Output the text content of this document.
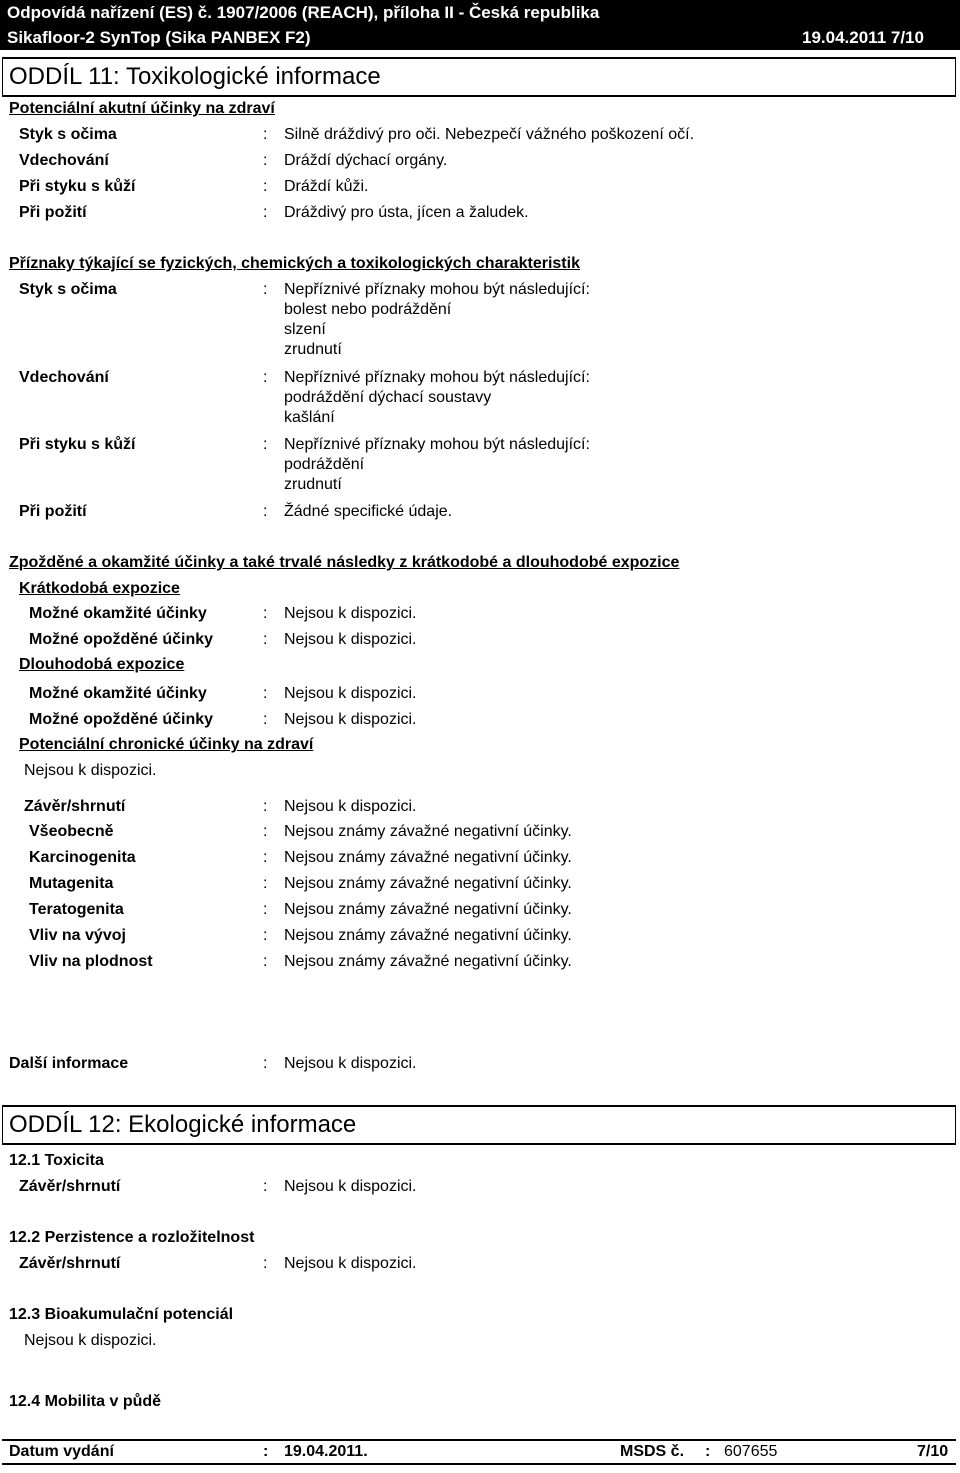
Odpovídá nařízení (ES) č. 1907/2006 (REACH), příloha II - Česká republika
Sikafloor-2 SynTop (Sika PANBEX F2)	19.04.2011 7/10
ODDÍL 11: Toxikologické informace
Potenciální akutní účinky na zdraví
Styk s očima	: Silně dráždivý pro oči. Nebezpečí vážného poškození očí.
Vdechování	: Dráždí dýchací orgány.
Při styku s kůží	: Dráždí kůži.
Při požití	: Dráždivý pro ústa, jícen a žaludek.
Příznaky týkající se fyzických, chemických a toxikologických charakteristik
Styk s očima	: Nepříznivé příznaky mohou být následující:
bolest nebo podráždění
slzení
zrudnutí
Vdechování	: Nepříznivé příznaky mohou být následující:
podráždění dýchací soustavy
kašlání
Při styku s kůží	: Nepříznivé příznaky mohou být následující:
podráždění
zrudnutí
Při požití	: Žádné specifické údaje.
Zpožděné a okamžité účinky a také trvalé následky z krátkodobé a dlouhodobé expozice
Krátkodobá expozice
Možné okamžité účinky	: Nejsou k dispozici.
Možné opožděné účinky	: Nejsou k dispozici.
Dlouhodobá expozice
Možné okamžité účinky	: Nejsou k dispozici.
Možné opožděné účinky	: Nejsou k dispozici.
Potenciální chronické účinky na zdraví
Nejsou k dispozici.
Závěr/shrnutí	: Nejsou k dispozici.
Všeobecně	: Nejsou známy závažné negativní účinky.
Karcinogenita	: Nejsou známy závažné negativní účinky.
Mutagenita	: Nejsou známy závažné negativní účinky.
Teratogenita	: Nejsou známy závažné negativní účinky.
Vliv na vývoj	: Nejsou známy závažné negativní účinky.
Vliv na plodnost	: Nejsou známy závažné negativní účinky.
Další informace	: Nejsou k dispozici.
ODDÍL 12: Ekologické informace
12.1 Toxicita
Závěr/shrnutí	: Nejsou k dispozici.
12.2 Perzistence a rozložitelnost
Závěr/shrnutí	: Nejsou k dispozici.
12.3 Bioakumulační potenciál
Nejsou k dispozici.
12.4 Mobilita v půdě
Datum vydání	: 19.04.2011.	MSDS č. : 607655	7/10
